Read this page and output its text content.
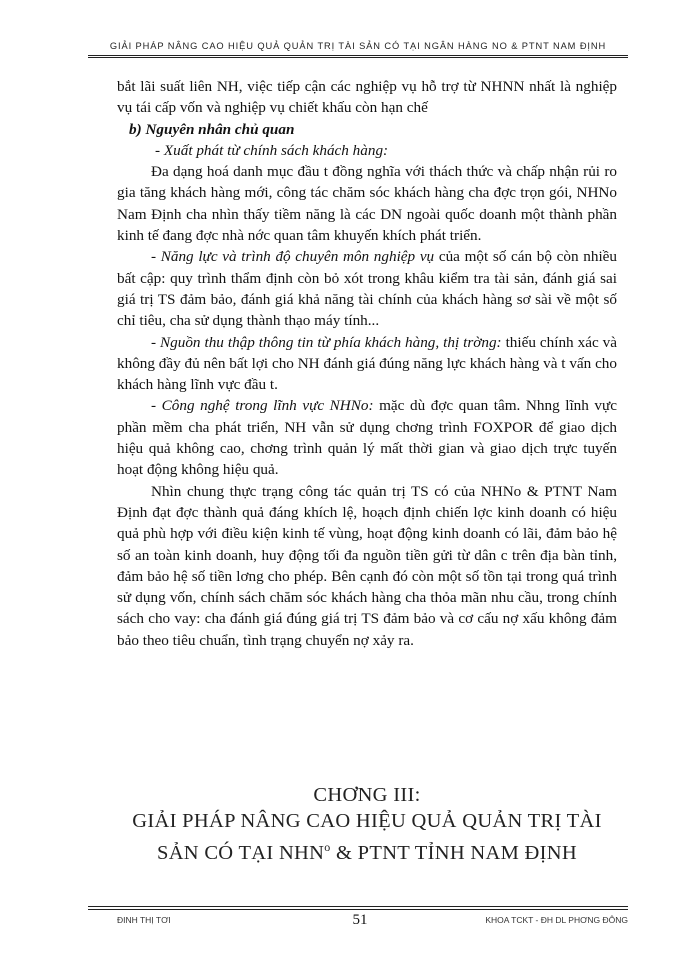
GIẢI PHÁP NÂNG CAO HIỆU QUẢ QUẢN TRỊ TÀI SẢN CÓ TẠI NGÂN HÀNG NO & PTNT NAM ĐỊNH

bắt lãi suất liên NH, việc tiếp cận các nghiệp vụ hỗ trợ từ NHNN nhất là nghiệp vụ tái cấp vốn và nghiệp vụ chiết khấu còn hạn chế

b) Nguyên nhân chủ quan

- Xuất phát từ chính sách khách hàng:

Đa dạng hoá danh mục đầu t đồng nghĩa với thách thức và chấp nhận rủi ro gia tăng khách hàng mới, công tác chăm sóc khách hàng cha đợc trọn gói, NHNo Nam Định cha nhìn thấy tiềm năng là các DN ngoài quốc doanh một thành phần kinh tế đang đợc nhà nớc quan tâm khuyến khích phát triển.

- Năng lực và trình độ chuyên môn nghiệp vụ của một số cán bộ còn nhiều bất cập: quy trình thẩm định còn bỏ xót trong khâu kiểm tra tài sản, đánh giá sai giá trị TS đảm bảo, đánh giá khả năng tài chính của khách hàng sơ sài về một số chỉ tiêu, cha sử dụng thành thạo máy tính...

- Nguồn thu thập thông tin từ phía khách hàng, thị trờng: thiếu chính xác và không đầy đủ nên bất lợi cho NH đánh giá đúng năng lực khách hàng và t vấn cho khách hàng lĩnh vực đầu t.

- Công nghệ trong lĩnh vực NHNo: mặc dù đợc quan tâm. Nhng lĩnh vực phần mềm cha phát triển, NH vẫn sử dụng chơng trình FOXPOR để giao dịch hiệu quả không cao, chơng trình quản lý mất thời gian và giao dịch trực tuyến hoạt động không hiệu quả.

Nhìn chung thực trạng công tác quản trị TS có của NHNo & PTNT Nam Định đạt đợc thành quả đáng khích lệ, hoạch định chiến lợc kinh doanh có hiệu quả phù hợp với điều kiện kinh tế vùng, hoạt động kinh doanh có lãi, đảm bảo hệ số an toàn kinh doanh, huy động tối đa nguồn tiền gửi từ dân c trên địa bàn tỉnh, đảm bảo hệ số tiền lơng cho phép. Bên cạnh đó còn một số tồn tại trong quá trình sử dụng vốn, chính sách chăm sóc khách hàng cha thỏa mãn nhu cầu, trong chính sách cho vay: cha đánh giá đúng giá trị TS đảm bảo và cơ cấu nợ xấu không đảm bảo theo tiêu chuẩn, tình trạng chuyển nợ xảy ra.

CHƠNG III:
GIẢI PHÁP NÂNG CAO HIỆU QUẢ QUẢN TRỊ TÀI
SẢN CÓ TẠI NHN$^o$ & PTNT TỈNH NAM ĐỊNH
ĐINH THỊ TƠI	51	KHOA TCKT - ĐH DL PHƠNG ĐÔNG
